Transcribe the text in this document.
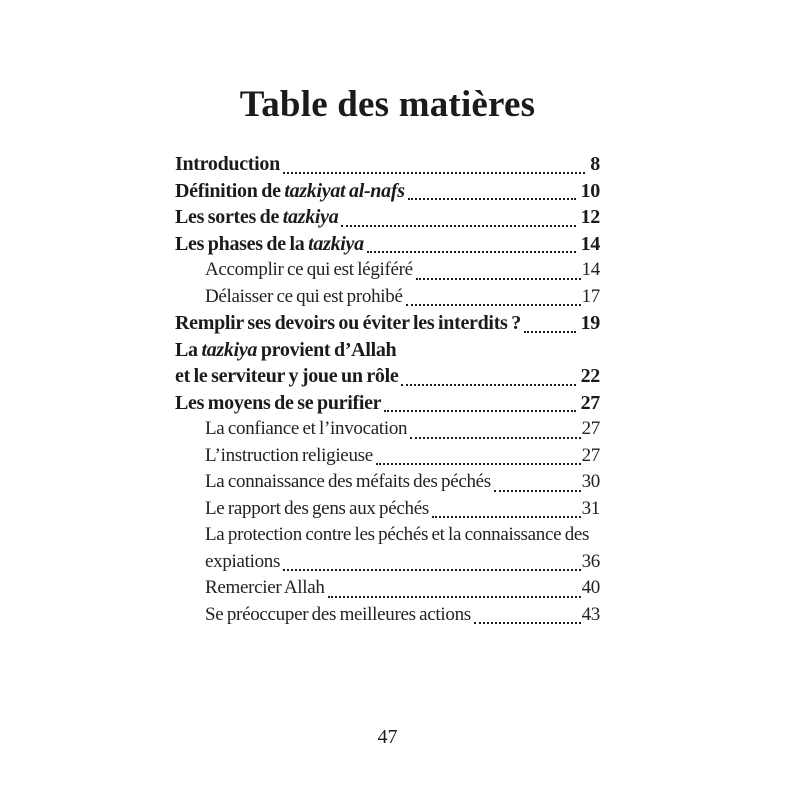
Table des matières
Introduction	8
Définition de tazkiyat al-nafs	10
Les sortes de tazkiya	12
Les phases de la tazkiya	14
Accomplir ce qui est légiféré	14
Délaisser ce qui est prohibé	17
Remplir ses devoirs ou éviter les interdits ?	19
La tazkiya provient d’Allah
et le serviteur y joue un rôle	22
Les moyens de se purifier	27
La confiance et l’invocation	27
L’instruction religieuse	27
La connaissance des méfaits des péchés	30
Le rapport des gens aux péchés	31
La protection contre les péchés et la connaissance des
expiations	36
Remercier Allah	40
Se préoccuper des meilleures actions	43
47
